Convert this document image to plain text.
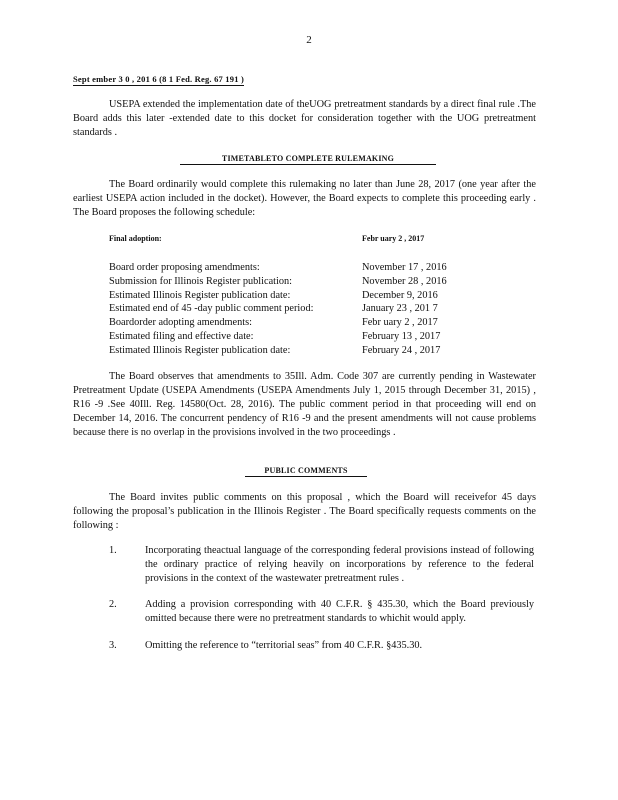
2
Sept ember 3 0 , 201 6 (8 1 Fed. Reg. 67 191 )
USEPA extended the implementation date of theUOG pretreatment standards by a direct final rule .The Board adds this later -extended date to this docket for consideration together with the UOG pretreatment standards .
TIMETABLETO COMPLETE RULEMAKING
The Board ordinarily would complete this rulemaking no later than June 28, 2017 (one year after the earliest USEPA action included in the docket). However, the Board expects to complete this proceeding early . The Board proposes the following schedule:
Final adoption:	Febr uary 2 , 2017
Board order proposing amendments:	November 17 , 2016
Submission for Illinois Register publication:	November 28 , 2016
Estimated Illinois Register publication date:	December 9, 2016
Estimated end of 45 -day public comment period:	January 23 , 201 7
Boardorder adopting amendments:	Febr uary 2 , 2017
Estimated filing and effective date:	February 13 , 2017
Estimated Illinois Register publication date:	February 24 , 2017
The Board observes that amendments to 35Ill. Adm. Code 307 are currently pending in Wastewater Pretreatment Update (USEPA Amendments (USEPA Amendments July 1, 2015 through December 31, 2015) , R16 -9 .See 40Ill. Reg. 14580(Oct. 28, 2016). The public comment period in that proceeding will end on December 14, 2016. The concurrent pendency of R16 -9 and the present amendments will not cause problems because there is no overlap in the provisions involved in the two proceedings .
PUBLIC COMMENTS
The Board invites public comments on this proposal , which the Board will receivefor 45 days following the proposal’s publication in the Illinois Register . The Board specifically requests comments on the following :
1.	Incorporating theactual language of the corresponding federal provisions instead of following the ordinary practice of relying heavily on incorporations by reference to the federal provisions in the context of the wastewater pretreatment rules .
2.	Adding a provision corresponding with 40 C.F.R. § 435.30, which the Board previously omitted because there were no pretreatment standards to whichit would apply.
3.	Omitting the reference to “territorial seas” from 40 C.F.R. §435.30.
